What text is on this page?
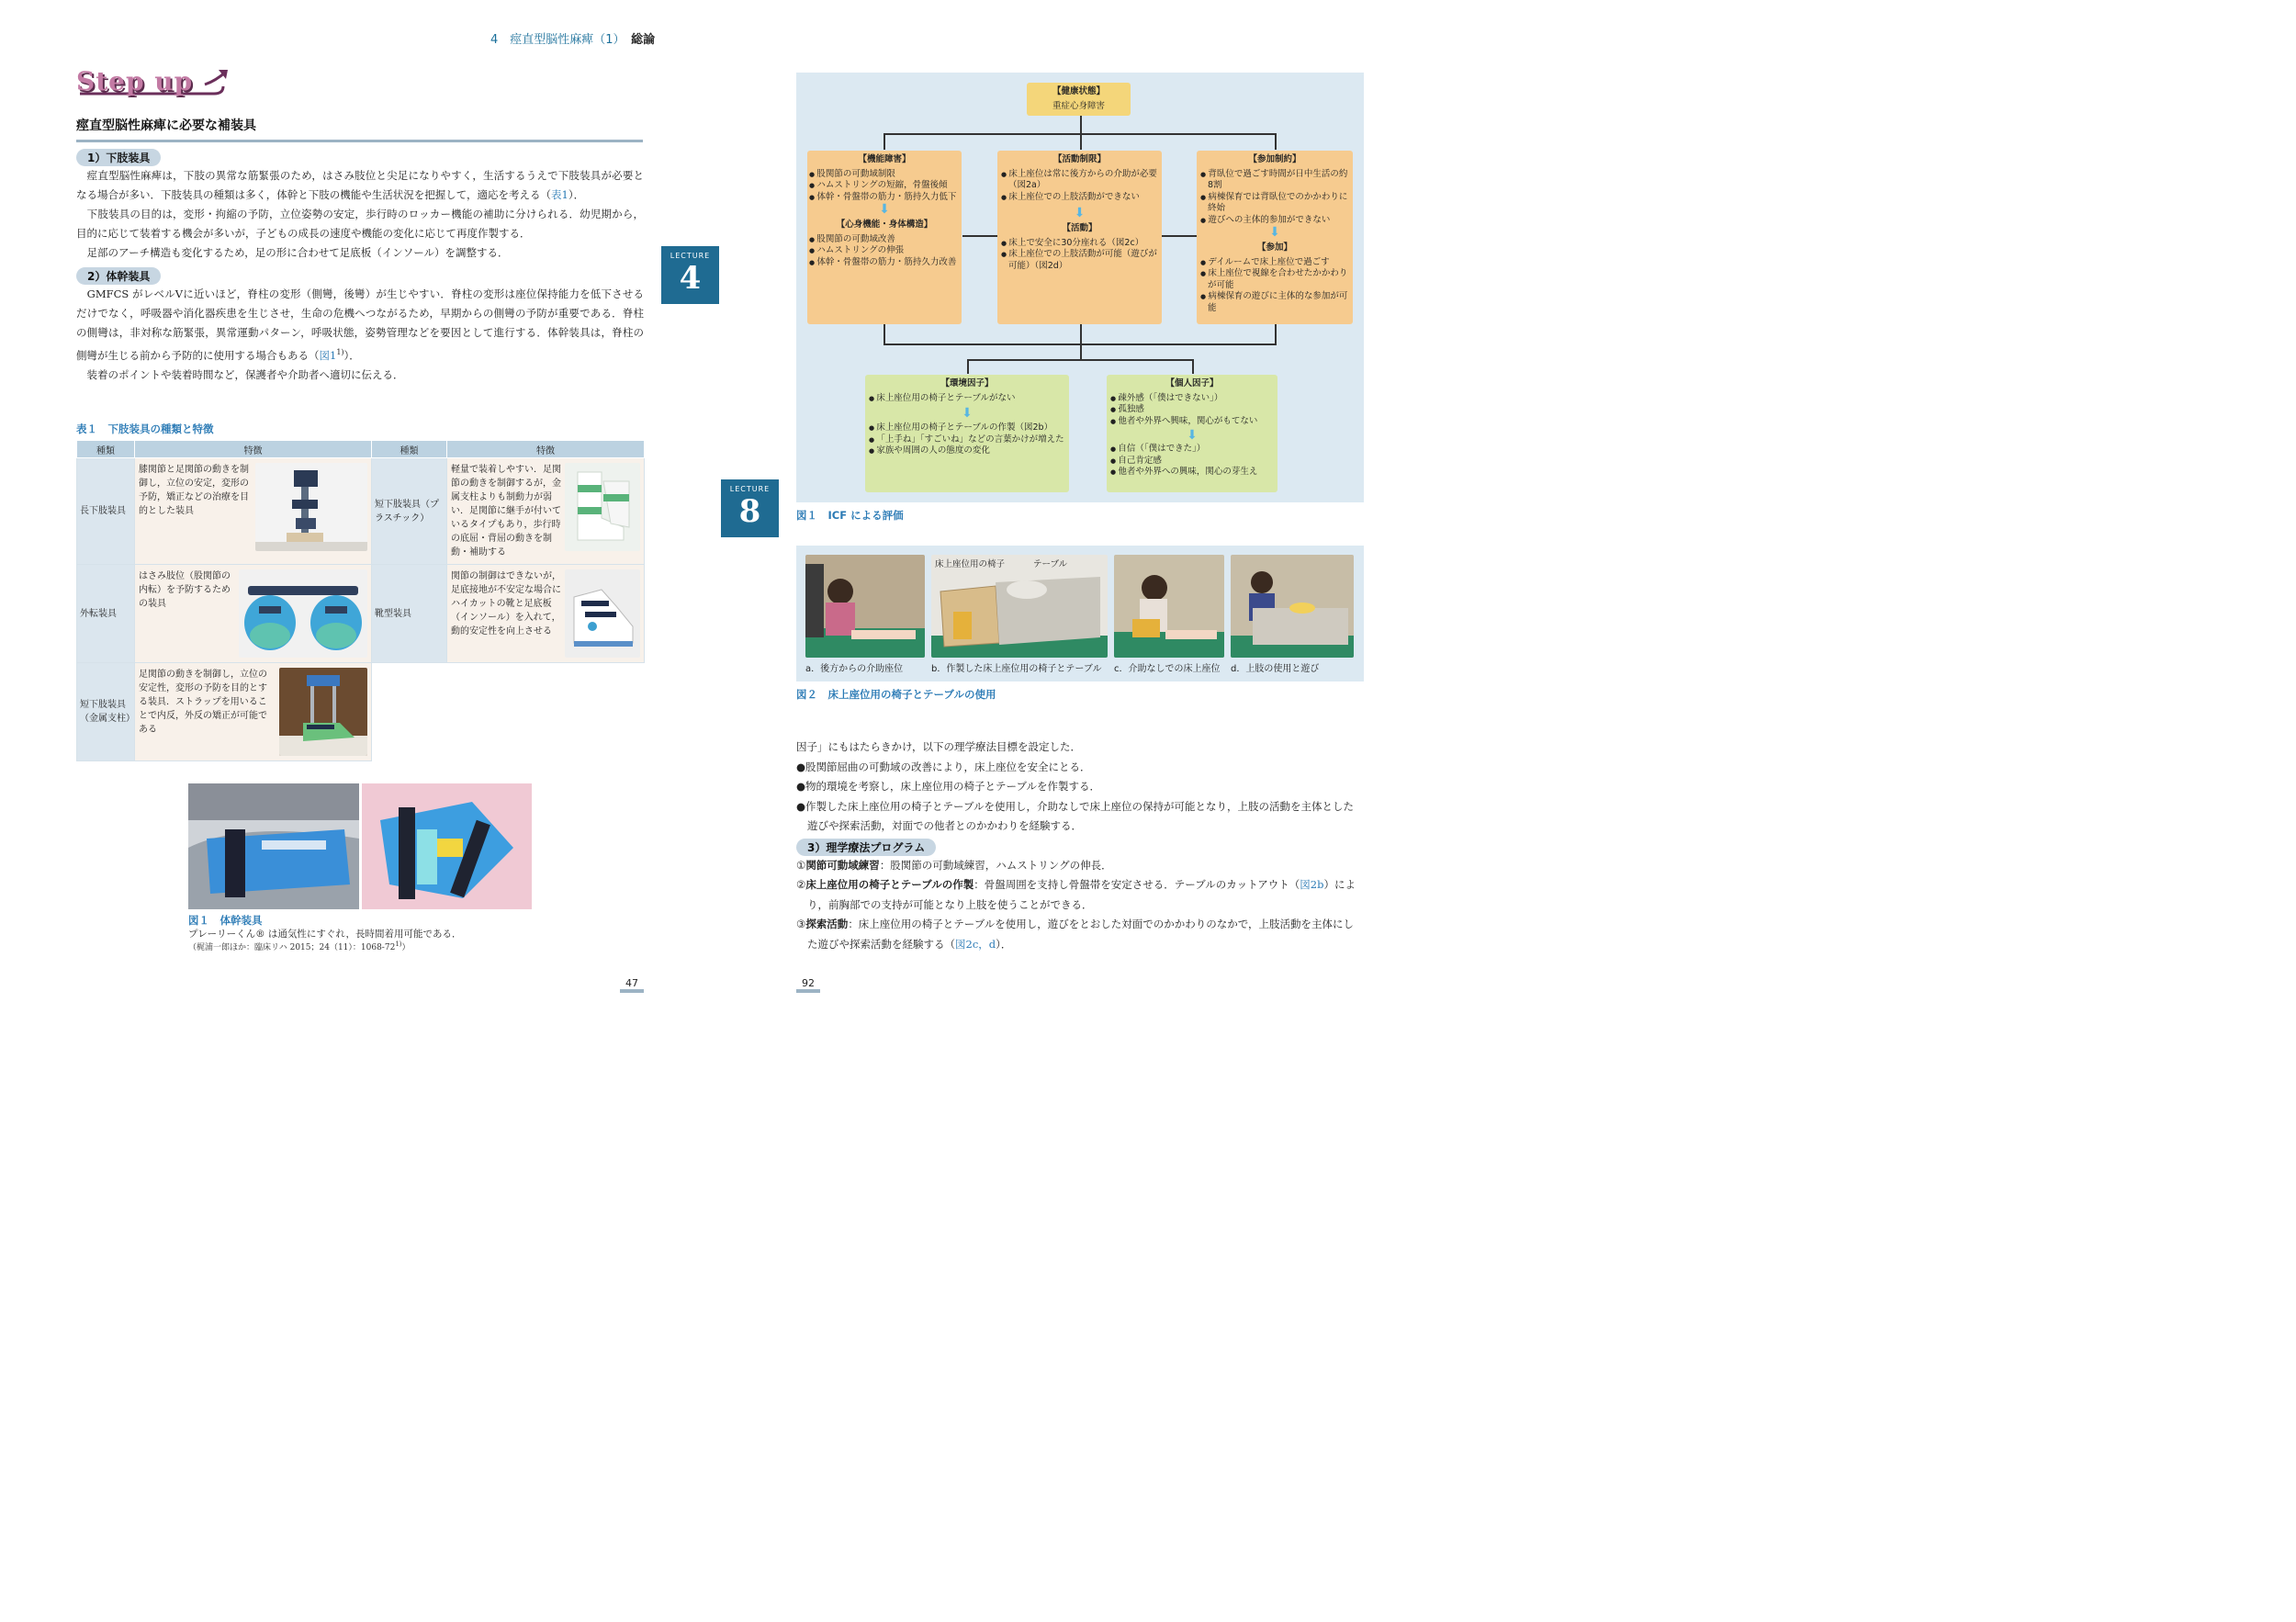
4　痙直型脳性麻痺（1）　 総論
Step up
痙直型脳性麻痺に必要な補装具
1）下肢装具
　痙直型脳性麻痺は，下肢の異常な筋緊張のため，はさみ肢位と尖足になりやすく，生活するうえで下肢装具が必要となる場合が多い．下肢装具の種類は多く，体幹と下肢の機能や生活状況を把握して，適応を考える（表1）．
　下肢装具の目的は，変形・拘縮の予防，立位姿勢の安定，歩行時のロッカー機能の補助に分けられる．幼児期から，目的に応じて装着する機会が多いが，子どもの成長の速度や機能の変化に応じて再度作製する．
　足部のアーチ構造も変化するため，足の形に合わせて足底板（インソール）を調整する．
2）体幹装具
　GMFCS がレベルⅤに近いほど，脊柱の変形（側彎，後彎）が生じやすい．脊柱の変形は座位保持能力を低下させるだけでなく，呼吸器や消化器疾患を生じさせ，生命の危機へつながるため，早期からの側彎の予防が重要である．脊柱の側彎は，非対称な筋緊張，異常運動パターン，呼吸状態，姿勢管理などを要因として進行する．体幹装具は，脊柱の側彎が生じる前から予防的に使用する場合もある（図1$^{1)}$）．
　装着のポイントや装着時間など，保護者や介助者へ適切に伝える．
表１　下肢装具の種類と特徴
種類	特徴	種類	特徴
長下肢装具	膝関節と足関節の動きを制御し，立位の安定，変形の予防，矯正などの治療を目的とした装具	短下肢装具（プラスチック）	軽量で装着しやすい．足関節の動きを制御するが，金属支柱よりも制動力が弱い．足関節に継手が付いているタイプもあり，歩行時の底屈・背屈の動きを制動・補助する

外転装具	はさみ肢位（股関節の内転）を予防するための装具	靴型装具	関節の制御はできないが，足底接地が不安定な場合にハイカットの靴と足底板（インソール）を入れて，動的安定性を向上させる

短下肢装具（金属支柱）	足関節の動きを制御し，立位の安定性，変形の予防を目的とする装具．ストラップを用いることで内反，外反の矯正が可能である		

図１　体幹装具
プレーリーくん® は通気性にすぐれ，長時間着用可能である．
（梶浦一郎ほか：臨床リハ 2015；24（11）：1068-72$^{1)}$）
LECTURE
4
47
LECTURE
8
【健康状態】
重症心身障害
【機能障害】
● 股関節の可動域制限
● ハムストリングの短縮，骨盤後傾
● 体幹・骨盤帯の筋力・筋持久力低下
⬇
【心身機能・身体構造】
● 股関節の可動域改善
● ハムストリングの伸張
● 体幹・骨盤帯の筋力・筋持久力改善
【活動制限】
● 床上座位は常に後方からの介助が必要（図2a）
● 床上座位での上肢活動ができない
⬇
【活動】
● 床上で安全に30分座れる（図2c）
● 床上座位での上肢活動が可能（遊びが可能）（図2d）
【参加制約】
● 背臥位で過ごす時間が日中生活の約8割
● 病棟保育では背臥位でのかかわりに終始
● 遊びへの主体的参加ができない
⬇
【参加】
● デイルームで床上座位で過ごす
● 床上座位で視線を合わせたかかわりが可能
● 病棟保育の遊びに主体的な参加が可能
【環境因子】
● 床上座位用の椅子とテーブルがない
⬇
● 床上座位用の椅子とテーブルの作製（図2b）
● 「上手ね」「すごいね」などの言葉かけが増えた
● 家族や周囲の人の態度の変化
【個人因子】
● 疎外感（「僕はできない」）
● 孤独感
● 他者や外界へ興味，関心がもてない
⬇
● 自信（「僕はできた」）
● 自己肯定感
● 他者や外界への興味，関心の芽生え
図１　ICF による評価
床上座位用の椅子	テーブル
a．後方からの介助座位	b．作製した床上座位用の椅子とテーブル c．介助なしでの床上座位 d．上肢の使用と遊び
図２　床上座位用の椅子とテーブルの使用
因子」にもはたらきかけ，以下の理学療法目標を設定した．
●股関節屈曲の可動域の改善により，床上座位を安全にとる．
●物的環境を考察し，床上座位用の椅子とテーブルを作製する．
●作製した床上座位用の椅子とテーブルを使用し，介助なしで床上座位の保持が可能となり，上肢の活動を主体とした遊びや探索活動，対面での他者とのかかわりを経験する．
3）理学療法プログラム
①関節可動域練習：股関節の可動域練習，ハムストリングの伸長．
②床上座位用の椅子とテーブルの作製：骨盤周囲を支持し骨盤帯を安定させる．テーブルのカットアウト（図2b）により，前胸部での支持が可能となり上肢を使うことができる．
③探索活動：床上座位用の椅子とテーブルを使用し，遊びをとおした対面でのかかわりのなかで，上肢活動を主体にした遊びや探索活動を経験する（図2c，d）．
92
